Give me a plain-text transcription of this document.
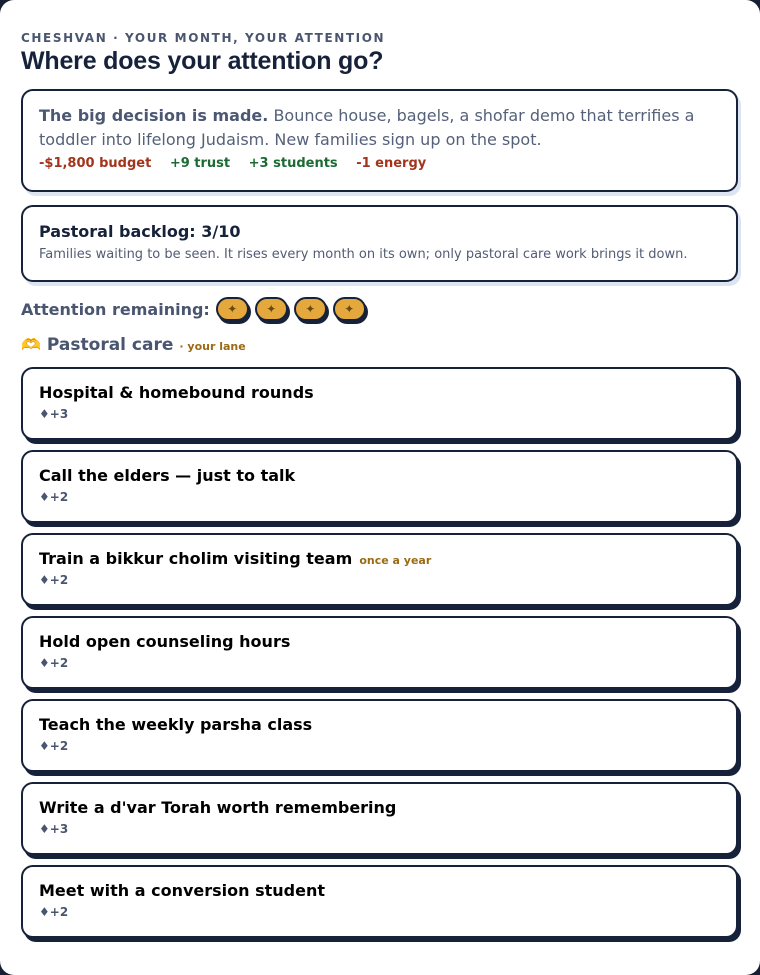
CHESHVAN · YOUR MONTH, YOUR ATTENTION
Where does your attention go?
The big decision is made. Bounce house, bagels, a shofar demo that terrifies a toddler into lifelong Judaism. New families sign up on the spot.
-$1,800 budget +9 trust +3 students -1 energy
Pastoral backlog: 3/10
Families waiting to be seen. It rises every month on its own; only pastoral care work brings it down.
Attention remaining:	✦	✦	✦	✦
🫶 Pastoral care · your lane
Hospital & homebound rounds
♦+3
Call the elders — just to talk
♦+2
Train a bikkur cholim visiting team once a year
♦+2
Hold open counseling hours
♦+2
Teach the weekly parsha class
♦+2
Write a d'var Torah worth remembering
♦+3
Meet with a conversion student
♦+2
